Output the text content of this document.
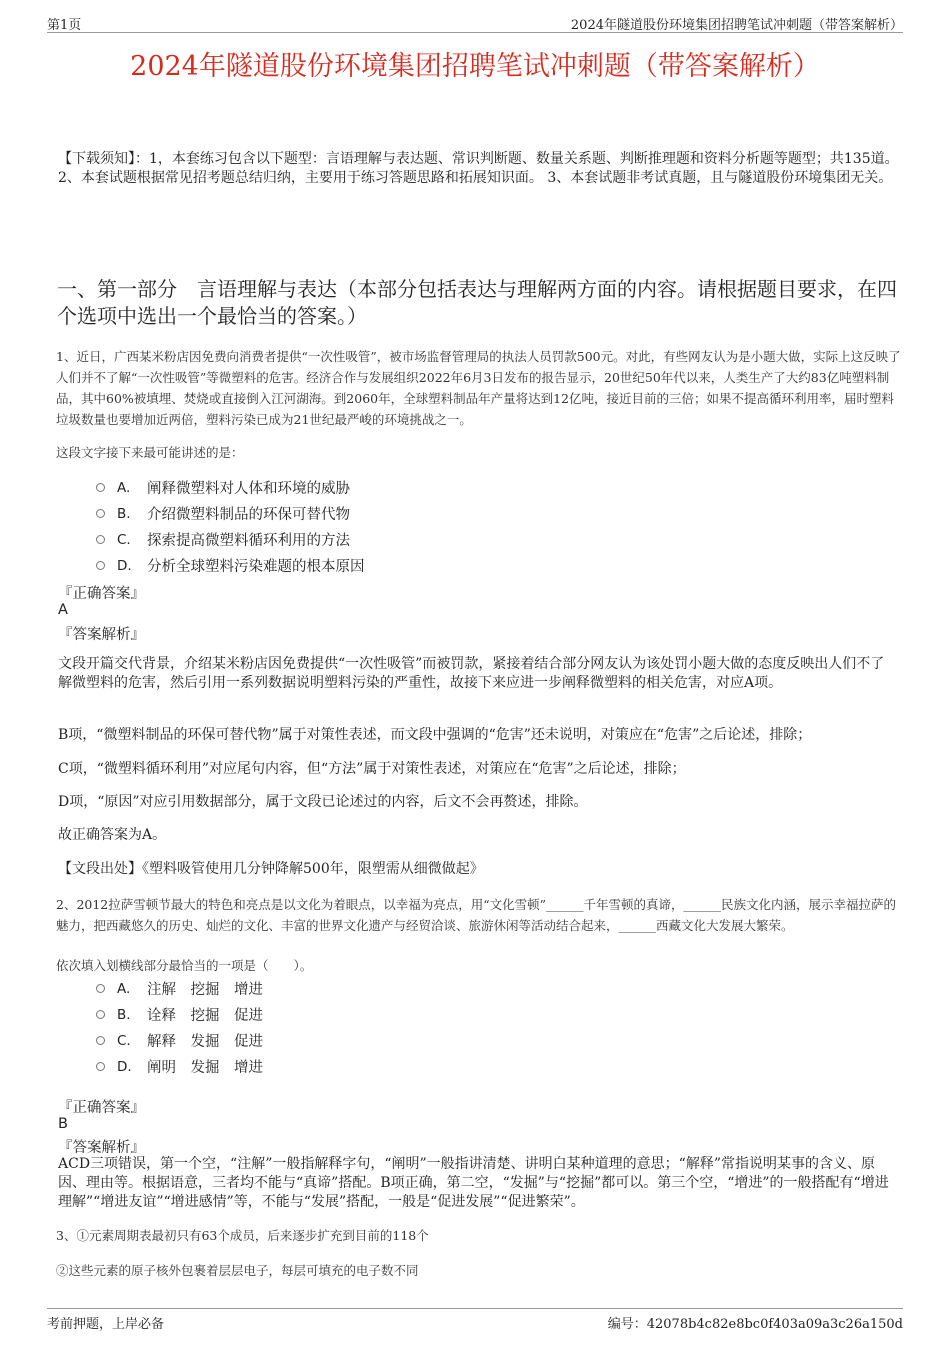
第1页	2024年隧道股份环境集团招聘笔试冲刺题（带答案解析）
2024年隧道股份环境集团招聘笔试冲刺题（带答案解析）
【下载须知】：1，本套练习包含以下题型：言语理解与表达题、常识判断题、数量关系题、判断推理题和资料分析题等题型；共135道。 2、本套试题根据常见招考题总结归纳，主要用于练习答题思路和拓展知识面。 3、本套试题非考试真题，且与隧道股份环境集团无关。
一、第一部分　言语理解与表达（本部分包括表达与理解两方面的内容。请根据题目要求，在四个选项中选出一个最恰当的答案。）
1、近日，广西某米粉店因免费向消费者提供“一次性吸管”，被市场监督管理局的执法人员罚款500元。对此，有些网友认为是小题大做，实际上这反映了人们并不了解“一次性吸管”等微塑料的危害。经济合作与发展组织2022年6月3日发布的报告显示，20世纪50年代以来，人类生产了大约83亿吨塑料制品，其中60%被填埋、焚烧或直接倒入江河湖海。到2060年，全球塑料制品年产量将达到12亿吨，接近目前的三倍；如果不提高循环利用率，届时塑料垃圾数量也要增加近两倍，塑料污染已成为21世纪最严峻的环境挑战之一。
这段文字接下来最可能讲述的是：
A.	阐释微塑料对人体和环境的威胁
B.	介绍微塑料制品的环保可替代物
C.	探索提高微塑料循环利用的方法
D.	分析全球塑料污染难题的根本原因
『正确答案』
A
『答案解析』
文段开篇交代背景，介绍某米粉店因免费提供“一次性吸管”而被罚款，紧接着结合部分网友认为该处罚小题大做的态度反映出人们不了解微塑料的危害，然后引用一系列数据说明塑料污染的严重性，故接下来应进一步阐释微塑料的相关危害，对应A项。
B项，“微塑料制品的环保可替代物”属于对策性表述，而文段中强调的“危害”还未说明，对策应在“危害”之后论述，排除；
C项，“微塑料循环利用”对应尾句内容，但“方法”属于对策性表述，对策应在“危害”之后论述，排除；
D项，“原因”对应引用数据部分，属于文段已论述过的内容，后文不会再赘述，排除。
故正确答案为A。
【文段出处】《塑料吸管使用几分钟降解500年，限塑需从细微做起》
2、2012拉萨雪顿节最大的特色和亮点是以文化为着眼点，以幸福为亮点，用“文化雪顿”______千年雪顿的真谛，______民族文化内涵，展示幸福拉萨的魅力，把西藏悠久的历史、灿烂的文化、丰富的世界文化遗产与经贸洽谈、旅游休闲等活动结合起来，______西藏文化大发展大繁荣。
依次填入划横线部分最恰当的一项是（　　）。
A.	注解　挖掘　增进
B.	诠释　挖掘　促进
C.	解释　发掘　促进
D.	阐明　发掘　增进
『正确答案』
B
『答案解析』
ACD三项错误，第一个空，“注解”一般指解释字句，“阐明”一般指讲清楚、讲明白某种道理的意思；“解释”常指说明某事的含义、原因、理由等。根据语意，三者均不能与“真谛”搭配。B项正确，第二空，“发掘”与“挖掘”都可以。第三个空，“增进”的一般搭配有“增进理解”“增进友谊”“增进感情”等，不能与“发展”搭配，一般是“促进发展”“促进繁荣”。
3、①元素周期表最初只有63个成员，后来逐步扩充到目前的118个
②这些元素的原子核外包裹着层层电子，每层可填充的电子数不同
考前押题，上岸必备	编号：42078b4c82e8bc0f403a09a3c26a150d
